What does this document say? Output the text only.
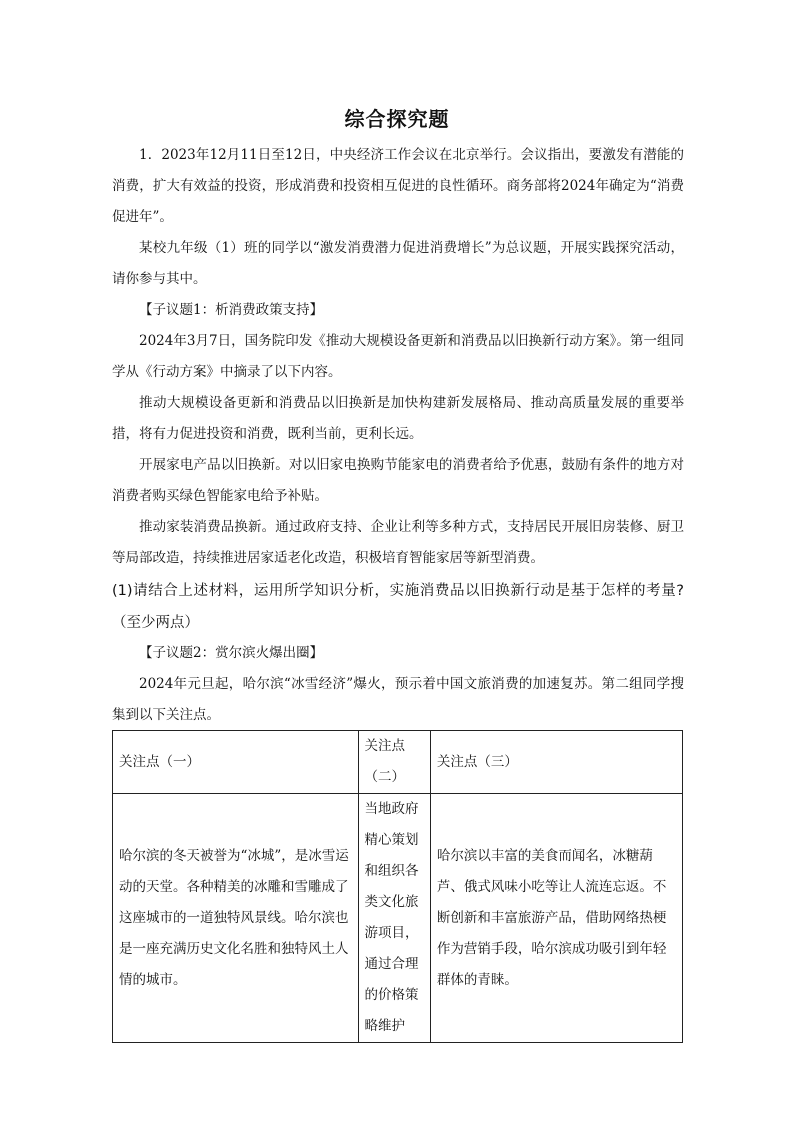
综合探究题
1．2023年12月11日至12日，中央经济工作会议在北京举行。会议指出，要激发有潜能的消费，扩大有效益的投资，形成消费和投资相互促进的良性循环。商务部将2024年确定为“消费促进年”。
某校九年级（1）班的同学以“激发消费潜力促进消费增长”为总议题，开展实践探究活动，请你参与其中。
【子议题1：析消费政策支持】
2024年3月7日，国务院印发《推动大规模设备更新和消费品以旧换新行动方案》。第一组同学从《行动方案》中摘录了以下内容。
推动大规模设备更新和消费品以旧换新是加快构建新发展格局、推动高质量发展的重要举措，将有力促进投资和消费，既利当前，更利长远。
开展家电产品以旧换新。对以旧家电换购节能家电的消费者给予优惠，鼓励有条件的地方对消费者购买绿色智能家电给予补贴。
推动家装消费品换新。通过政府支持、企业让利等多种方式，支持居民开展旧房装修、厨卫等局部改造，持续推进居家适老化改造，积极培育智能家居等新型消费。
(1)请结合上述材料，运用所学知识分析，实施消费品以旧换新行动是基于怎样的考量?（至少两点）
【子议题2：赏尔滨火爆出圈】
2024年元旦起，哈尔滨“冰雪经济”爆火，预示着中国文旅消费的加速复苏。第二组同学搜集到以下关注点。
关注点（一）	关注点（二）	关注点（三）
哈尔滨的冬天被誉为“冰城”，是冰雪运动的天堂。各种精美的冰雕和雪雕成了这座城市的一道独特风景线。哈尔滨也是一座充满历史文化名胜和独特风土人情的城市。	当地政府精心策划和组织各类文化旅游项目，通过合理的价格策略维护	哈尔滨以丰富的美食而闻名，冰糖葫芦、俄式风味小吃等让人流连忘返。不断创新和丰富旅游产品，借助网络热梗作为营销手段，哈尔滨成功吸引到年轻群体的青睐。
